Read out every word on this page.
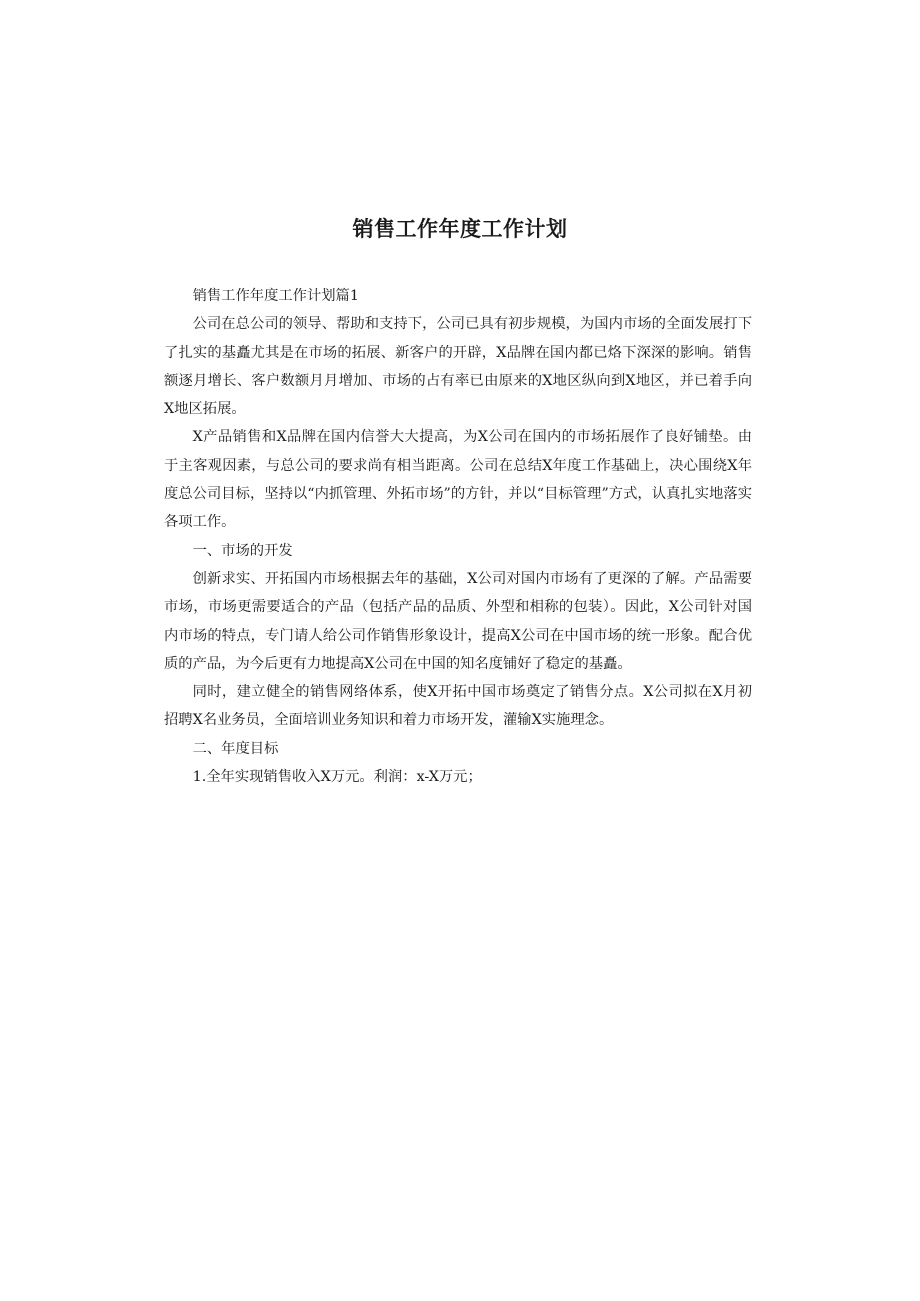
销售工作年度工作计划

销售工作年度工作计划篇1

公司在总公司的领导、帮助和支持下，公司已具有初步规模，为国内市场的全面发展打下了扎实的基矗尤其是在市场的拓展、新客户的开辟，X品牌在国内都已烙下深深的影响。销售额逐月增长、客户数额月月增加、市场的占有率已由原来的X地区纵向到X地区，并已着手向X地区拓展。

X产品销售和X品牌在国内信誉大大提高，为X公司在国内的市场拓展作了良好铺垫。由于主客观因素，与总公司的要求尚有相当距离。公司在总结X年度工作基础上，决心围绕X年度总公司目标，坚持以“内抓管理、外拓市场”的方针，并以“目标管理”方式，认真扎实地落实各项工作。

一、市场的开发

创新求实、开拓国内市场根据去年的基础，X公司对国内市场有了更深的了解。产品需要市场，市场更需要适合的产品（包括产品的品质、外型和相称的包装）。因此，X公司针对国内市场的特点，专门请人给公司作销售形象设计，提高X公司在中国市场的统一形象。配合优质的产品，为今后更有力地提高X公司在中国的知名度铺好了稳定的基矗。

同时，建立健全的销售网络体系，使X开拓中国市场奠定了销售分点。X公司拟在X月初招聘X名业务员，全面培训业务知识和着力市场开发，灌输X实施理念。

二、年度目标

1.全年实现销售收入X万元。利润：x-X万元；
